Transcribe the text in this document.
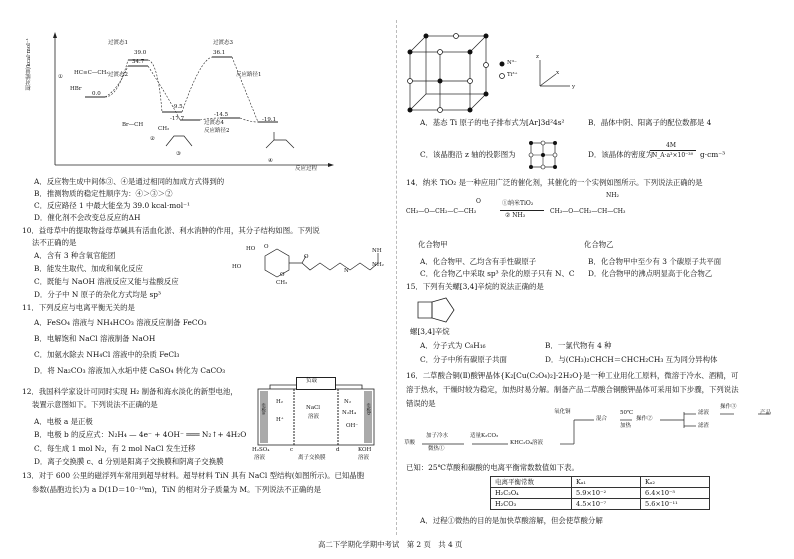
相对能量/kcal·mol⁻¹
反应过程
过渡态1
过渡态2
过渡态3
过渡态4
反应路径1
反应路径2
0.0
39.0
34.7
-17.7
-9.5
36.1
-14.5
-19.1
①
HC≡C—CH₃
HBr
Br—CH
CH₂
②
③
④
A．反应物生成中间体③、④是通过相同的加成方式得到的
B．推测物质的稳定性顺序为：④＞③＞②
C．反应路径 1 中最大能垒为 39.0 kcal·mol⁻¹
D．催化剂不会改变总反应的ΔH
10．益母草中的提取物益母草碱具有活血化淤、利水消肿的作用，其分子结构如图。下列说
法不正确的是
A．含有 3 种含氧官能团
B．能发生取代、加成和氧化反应
C．既能与 NaOH 溶液反应又能与盐酸反应
D．分子中 N 原子的杂化方式均是 sp³
HO
HO
CH₃
O
O
O
N
NH
NH₂
11．下列反应与电离平衡无关的是
A．FeSO₄ 溶液与 NH₄HCO₃ 溶液反应制备 FeCO₃
B．电解饱和 NaCl 溶液制备 NaOH
C．加氨水除去 NH₄Cl 溶液中的杂质 FeCl₃
D．将 Na₂CO₃ 溶液加入水垢中使 CaSO₄ 转化为 CaCO₃
12．我国科学家设计可同时实现 H₂ 制备和海水淡化的新型电池，
装置示意图如下。下列说法不正确的是
A．电极 a 是正极
B．电极 b 的反应式：N₂H₄ — 4e⁻ + 4OH⁻ ═══ N₂↑+ 4H₂O
C．每生成 1 mol N₂，有 2 mol NaCl 发生迁移
D．离子交换膜 c、d 分别是阳离子交换膜和阴离子交换膜
负载
电极a	电极b
H₂
H⁺
NaCl
溶液
N₂
N₂H₄
OH⁻
H₂SO₄
溶液
KOH
溶液
c	d
离子交换膜
13．对于 600 公里的磁浮列车常用到超导材料。超导材料 TiN 具有 NaCl 型结构(如图所示)。已知晶胞
参数(晶胞边长)为 a D(1D＝10⁻¹⁰m)，TiN 的相对分子质量为 M。下列说法不正确的是
N³⁻
Ti³⁺
y
z
x
A．基态 Ti 原子的电子排布式为[Ar]3d²4s²	B．晶体中阴、阳离子的配位数都是 4
C．该晶胞沿 z 轴的投影图为	D．该晶体的密度为
4M
N_A·a³×10⁻³⁰ g·cm⁻³
14．纳米 TiO₂ 是一种应用广泛的催化剂，其催化的一个实例如图所示。下列说法正确的是
CH₃—O—CH₂—C—CH₃
O	①纳米TiO₂
② NH₃
CH₃—O—CH₂—CH—CH₃
NH₂
化合物甲	化合物乙
A．化合物甲、乙均含有手性碳原子	B．化合物甲中至少有 3 个碳原子共平面
C．化合物乙中采取 sp³ 杂化的原子只有 N、C D．化合物甲的沸点明显高于化合物乙
15．下列有关螺[3,4]辛烷的说法正确的是
螺[3,4]辛烷
A．分子式为 C₈H₁₆	B．一氯代物有 4 种
C．分子中所有碳原子共面	D．与(CH₃)₂CHCH＝CHCH₂CH₃ 互为同分异构体
16．二草酸合铜(Ⅱ)酸钾晶体{K₂[Cu(C₂O₄)₂]·2H₂O}是一种工业用化工原料，微溶于冷水、酒精，可
溶于热水，干燥时较为稳定，加热时易分解。制备产品二草酸合铜酸钾晶体可采用如下步骤，下列说法
错误的是
草酸
加子冷水
微热①
适量K₂CO₃
KHC₂O₄溶液
氧化铜
混合
50℃
加热
操作②
滤液
操作③
产品
滤渣
已知：25℃草酸和碳酸的电离平衡常数数值如下表。
电离平衡常数	Kₐ₁	Kₐ₂
H₂C₂O₄	5.9×10⁻²	6.4×10⁻⁵
H₂CO₃	4.5×10⁻⁷	5.6×10⁻¹¹
A．过程①微热的目的是加快草酸溶解，但会使草酸分解
高二下学期化学期中考试　第 2 页　共 4 页
